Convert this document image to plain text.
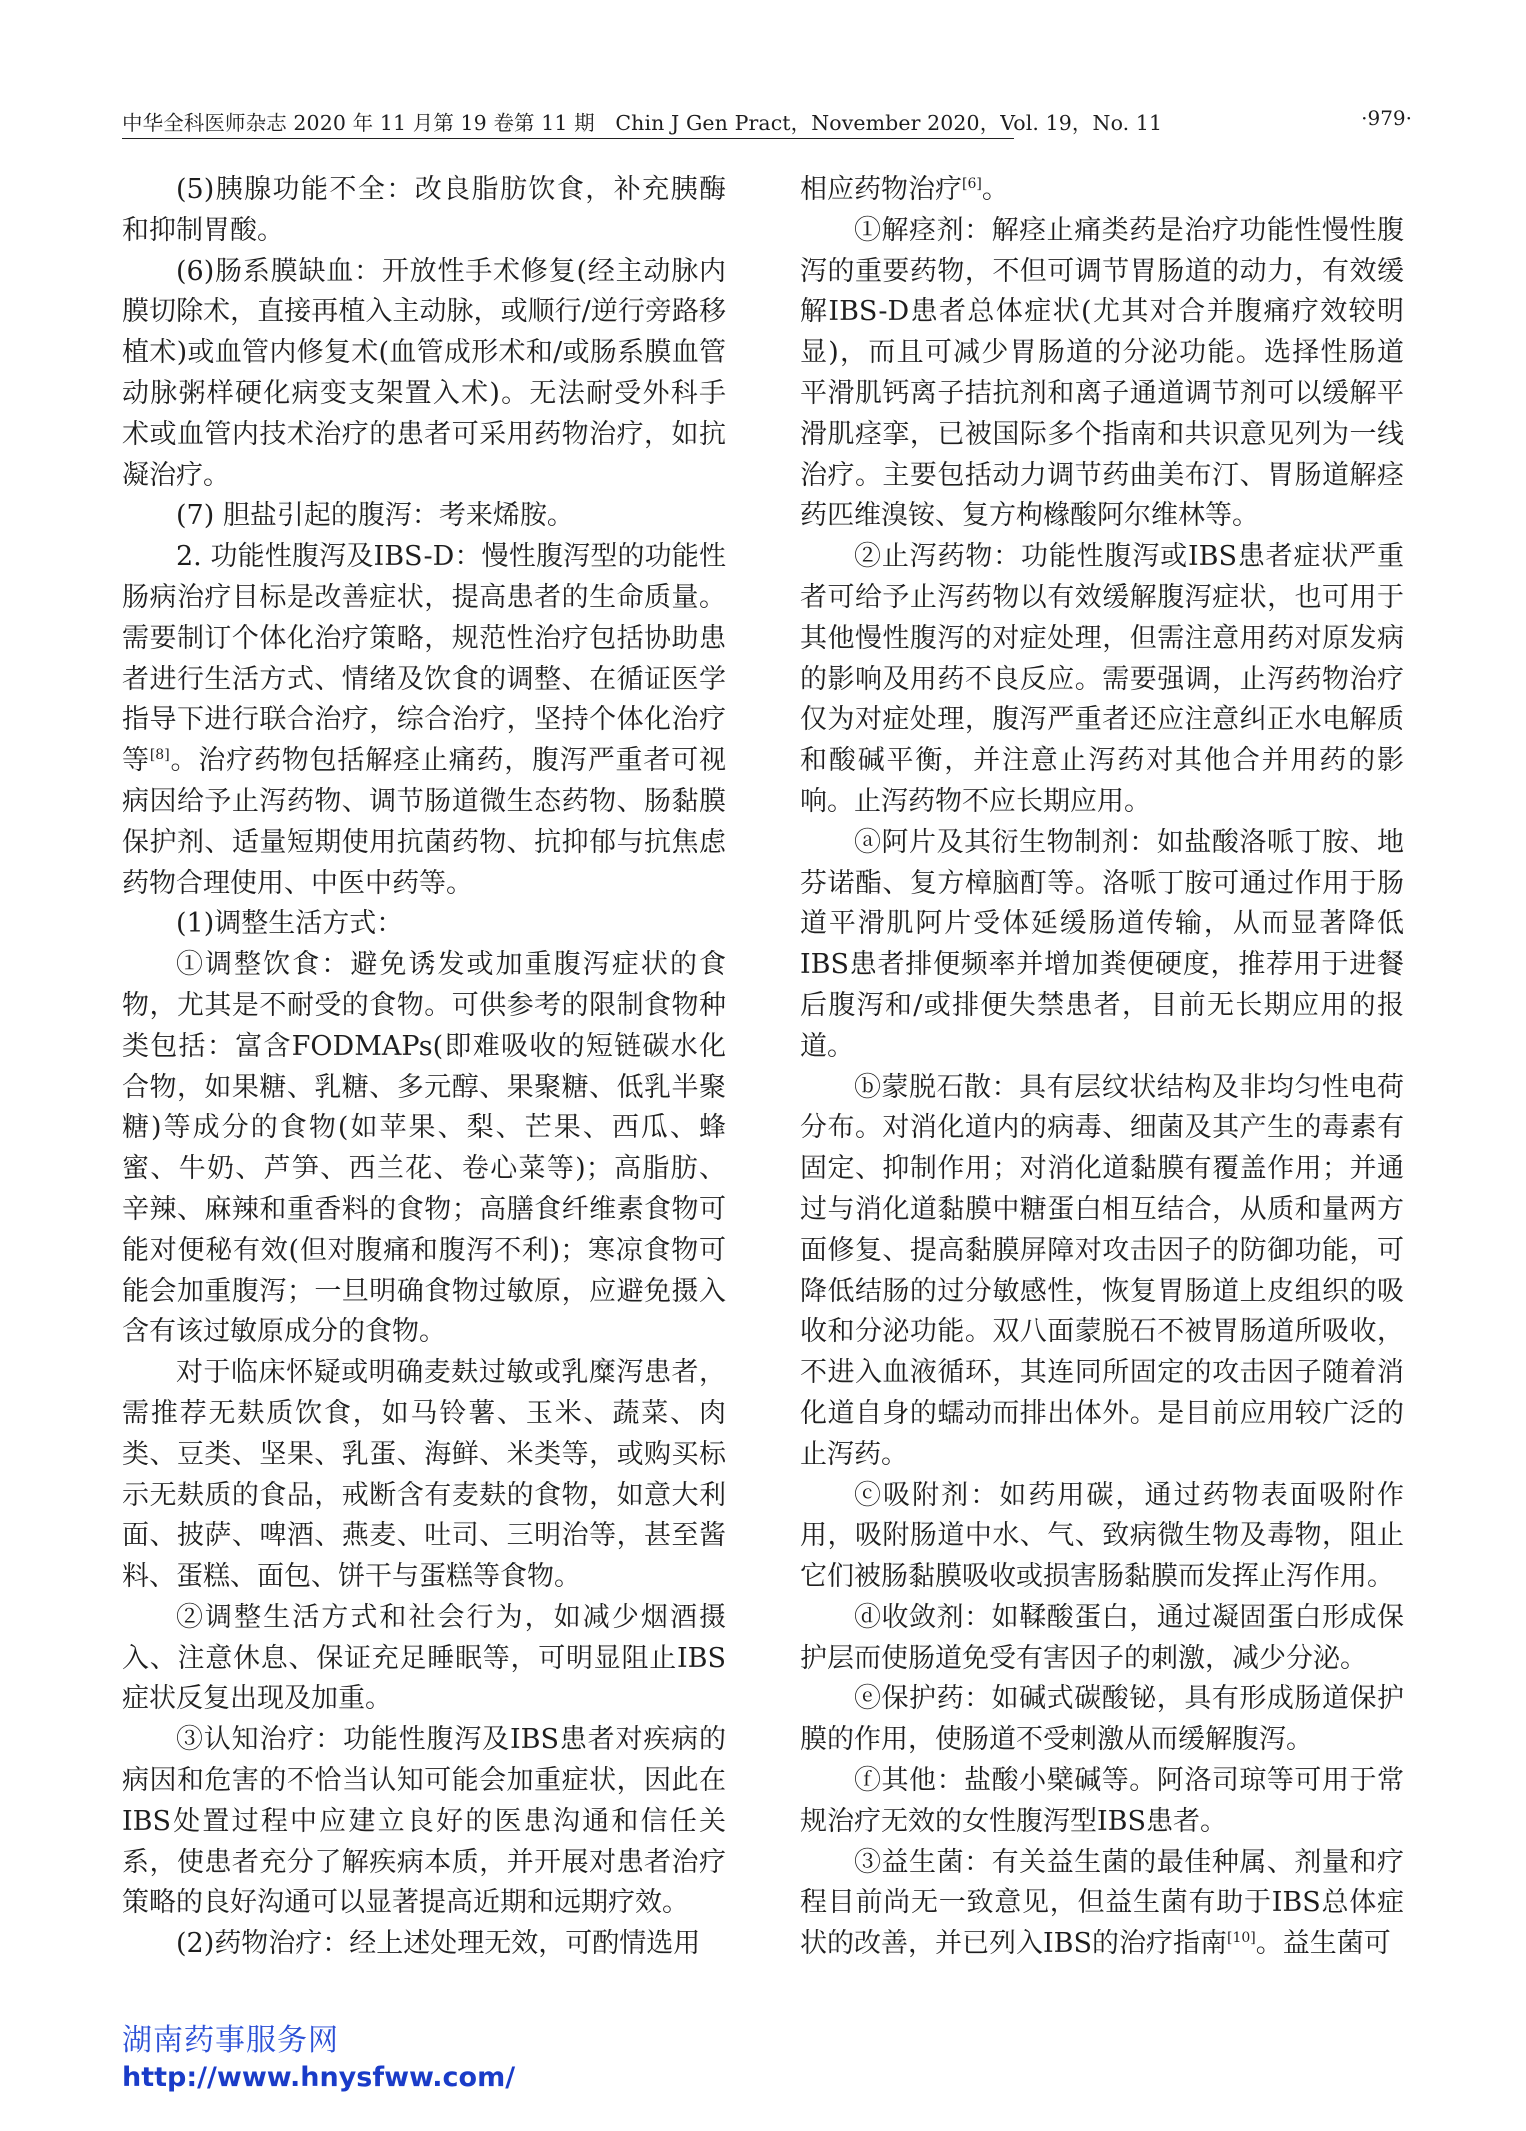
中华全科医师杂志 2020 年 11 月第 19 卷第 11 期　Chin J Gen Pract，November 2020，Vol. 19，No. 11	·979·

(5)胰腺功能不全：改良脂肪饮食，补充胰酶和抑制胃酸。

(6)肠系膜缺血：开放性手术修复(经主动脉内膜切除术，直接再植入主动脉，或顺行/逆行旁路移植术)或血管内修复术(血管成形术和/或肠系膜血管动脉粥样硬化病变支架置入术)。无法耐受外科手术或血管内技术治疗的患者可采用药物治疗，如抗凝治疗。

(7) 胆盐引起的腹泻：考来烯胺。

2. 功能性腹泻及IBS-D：慢性腹泻型的功能性肠病治疗目标是改善症状，提高患者的生命质量。需要制订个体化治疗策略，规范性治疗包括协助患者进行生活方式、情绪及饮食的调整、在循证医学指导下进行联合治疗，综合治疗，坚持个体化治疗等[8]。治疗药物包括解痉止痛药，腹泻严重者可视病因给予止泻药物、调节肠道微生态药物、肠黏膜保护剂、适量短期使用抗菌药物、抗抑郁与抗焦虑药物合理使用、中医中药等。

(1)调整生活方式：

①调整饮食：避免诱发或加重腹泻症状的食物，尤其是不耐受的食物。可供参考的限制食物种类包括：富含FODMAPs(即难吸收的短链碳水化合物，如果糖、乳糖、多元醇、果聚糖、低乳半聚糖)等成分的食物(如苹果、梨、芒果、西瓜、蜂蜜、牛奶、芦笋、西兰花、卷心菜等)；高脂肪、辛辣、麻辣和重香料的食物；高膳食纤维素食物可能对便秘有效(但对腹痛和腹泻不利)；寒凉食物可能会加重腹泻；一旦明确食物过敏原，应避免摄入含有该过敏原成分的食物。

对于临床怀疑或明确麦麸过敏或乳糜泻患者，需推荐无麸质饮食，如马铃薯、玉米、蔬菜、肉类、豆类、坚果、乳蛋、海鲜、米类等，或购买标示无麸质的食品，戒断含有麦麸的食物，如意大利面、披萨、啤酒、燕麦、吐司、三明治等，甚至酱料、蛋糕、面包、饼干与蛋糕等食物。

②调整生活方式和社会行为，如减少烟酒摄入、注意休息、保证充足睡眠等，可明显阻止IBS症状反复出现及加重。

③认知治疗：功能性腹泻及IBS患者对疾病的病因和危害的不恰当认知可能会加重症状，因此在IBS处置过程中应建立良好的医患沟通和信任关系，使患者充分了解疾病本质，并开展对患者治疗策略的良好沟通可以显著提高近期和远期疗效。

(2)药物治疗：经上述处理无效，可酌情选用

相应药物治疗[6]。

①解痉剂：解痉止痛类药是治疗功能性慢性腹泻的重要药物，不但可调节胃肠道的动力，有效缓解IBS-D患者总体症状(尤其对合并腹痛疗效较明显)，而且可减少胃肠道的分泌功能。选择性肠道平滑肌钙离子拮抗剂和离子通道调节剂可以缓解平滑肌痉挛，已被国际多个指南和共识意见列为一线治疗。主要包括动力调节药曲美布汀、胃肠道解痉药匹维溴铵、复方枸橼酸阿尔维林等。

②止泻药物：功能性腹泻或IBS患者症状严重者可给予止泻药物以有效缓解腹泻症状，也可用于其他慢性腹泻的对症处理，但需注意用药对原发病的影响及用药不良反应。需要强调，止泻药物治疗仅为对症处理，腹泻严重者还应注意纠正水电解质和酸碱平衡，并注意止泻药对其他合并用药的影响。止泻药物不应长期应用。

ⓐ阿片及其衍生物制剂：如盐酸洛哌丁胺、地芬诺酯、复方樟脑酊等。洛哌丁胺可通过作用于肠道平滑肌阿片受体延缓肠道传输，从而显著降低IBS患者排便频率并增加粪便硬度，推荐用于进餐后腹泻和/或排便失禁患者，目前无长期应用的报道。

ⓑ蒙脱石散：具有层纹状结构及非均匀性电荷分布。对消化道内的病毒、细菌及其产生的毒素有固定、抑制作用；对消化道黏膜有覆盖作用；并通过与消化道黏膜中糖蛋白相互结合，从质和量两方面修复、提高黏膜屏障对攻击因子的防御功能，可降低结肠的过分敏感性，恢复胃肠道上皮组织的吸收和分泌功能。双八面蒙脱石不被胃肠道所吸收，不进入血液循环，其连同所固定的攻击因子随着消化道自身的蠕动而排出体外。是目前应用较广泛的止泻药。

ⓒ吸附剂：如药用碳，通过药物表面吸附作用，吸附肠道中水、气、致病微生物及毒物，阻止它们被肠黏膜吸收或损害肠黏膜而发挥止泻作用。

ⓓ收敛剂：如鞣酸蛋白，通过凝固蛋白形成保护层而使肠道免受有害因子的刺激，减少分泌。

ⓔ保护药：如碱式碳酸铋，具有形成肠道保护膜的作用，使肠道不受刺激从而缓解腹泻。

ⓕ其他：盐酸小檗碱等。阿洛司琼等可用于常规治疗无效的女性腹泻型IBS患者。

③益生菌：有关益生菌的最佳种属、剂量和疗程目前尚无一致意见，但益生菌有助于IBS总体症状的改善，并已列入IBS的治疗指南[10]。益生菌可

湖南药事服务网
http://www.hnysfww.com/
